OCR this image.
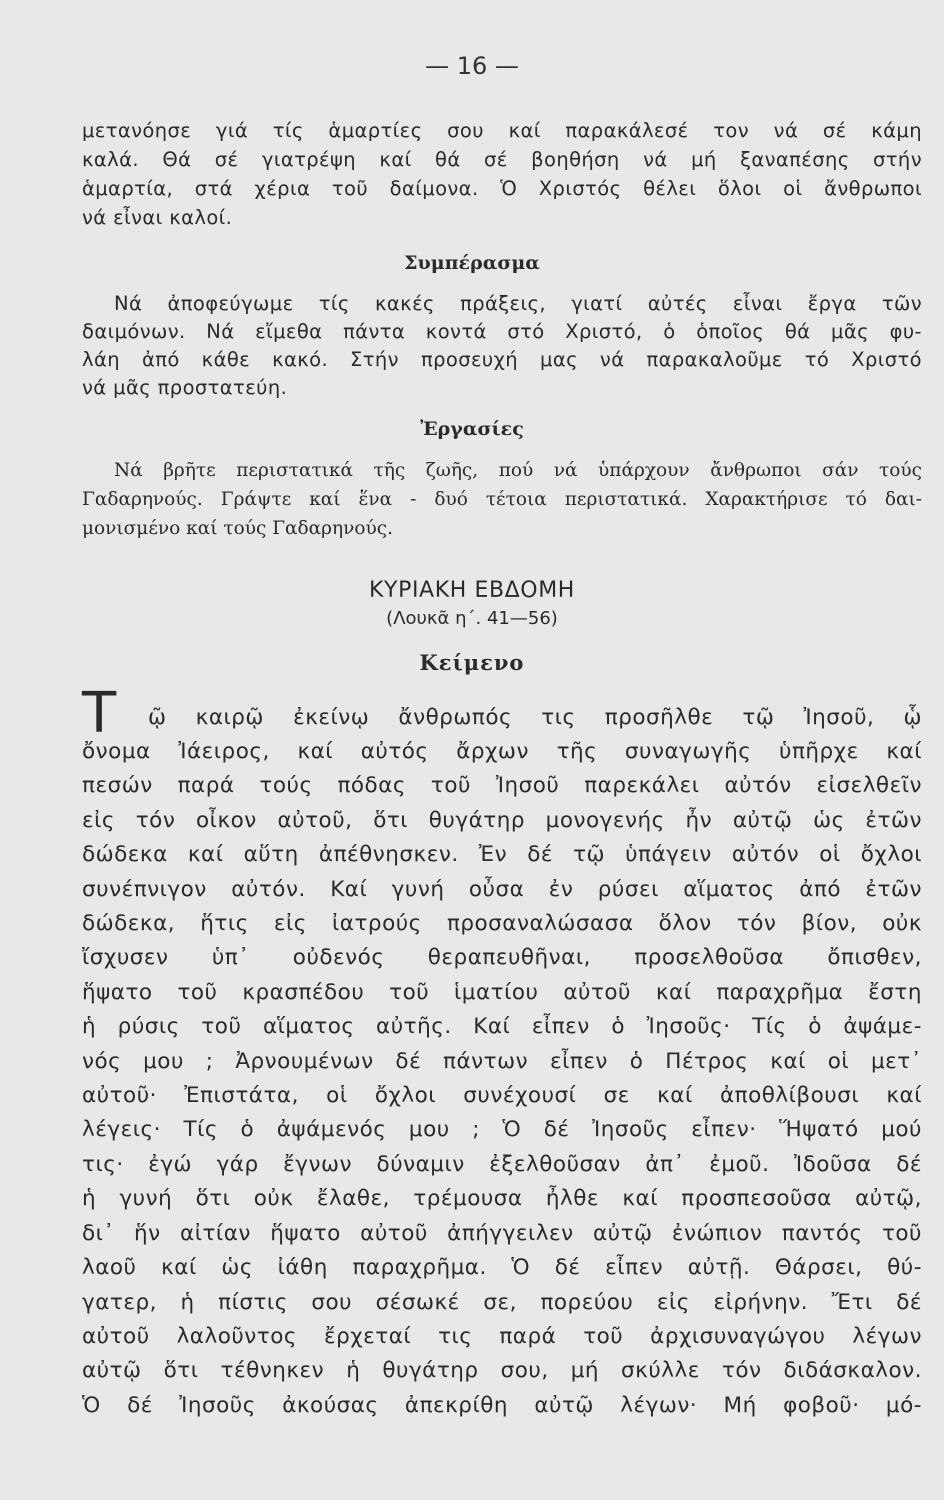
— 16 —
μετανόησε γιά τίς ἁμαρτίες σου καί παρακάλεσέ τον νά σέ κάμη
καλά. Θά σέ γιατρέψη καί θά σέ βοηθήση νά μή ξαναπέσης στήν
ἁμαρτία, στά χέρια τοῦ δαίμονα. Ὁ Χριστός θέλει ὅλοι οἱ ἄνθρωποι
νά εἶναι καλοί.
Συμπέρασμα
Νά ἀποφεύγωμε τίς κακές πράξεις, γιατί αὐτές εἶναι ἔργα τῶν
δαιμόνων. Νά εἴμεθα πάντα κοντά στό Χριστό, ὁ ὁποῖος θά μᾶς φυ-
λάη ἀπό κάθε κακό. Στήν προσευχή μας νά παρακαλοῦμε τό Χριστό
νά μᾶς προστατεύη.
Ἐργασίες
Νά βρῆτε περιστατικά τῆς ζωῆς, πού νά ὑπάρχουν ἄνθρωποι σάν τούς
Γαδαρηνούς. Γράψτε καί ἕνα - δυό τέτοια περιστατικά. Χαρακτήρισε τό δαι-
μονισμένο καί τούς Γαδαρηνούς.
ΚΥΡΙΑΚΗ ΕΒΔΟΜΗ
(Λουκᾶ η΄. 41—56)
Κείμενο
Τ ῷ καιρῷ ἐκείνῳ ἄνθρωπός τις προσῆλθε τῷ Ἰησοῦ, ᾧ
ὄνομα Ἰάειρος, καί αὐτός ἄρχων τῆς συναγωγῆς ὑπῆρχε καί
πεσών παρά τούς πόδας τοῦ Ἰησοῦ παρεκάλει αὐτόν εἰσελθεῖν
εἰς τόν οἶκον αὐτοῦ, ὅτι θυγάτηρ μονογενής ἦν αὐτῷ ὡς ἐτῶν
δώδεκα καί αὕτη ἀπέθνησκεν. Ἐν δέ τῷ ὑπάγειν αὐτόν οἱ ὄχλοι
συνέπνιγον αὐτόν. Καί γυνή οὖσα ἐν ρύσει αἵματος ἀπό ἐτῶν
δώδεκα, ἥτις εἰς ἰατρούς προσαναλώσασα ὅλον τόν βίον, οὐκ
ἴσχυσεν ὑπ᾽ οὐδενός θεραπευθῆναι, προσελθοῦσα ὄπισθεν,
ἥψατο τοῦ κρασπέδου τοῦ ἱματίου αὐτοῦ καί παραχρῆμα ἔστη
ἡ ρύσις τοῦ αἵματος αὐτῆς. Καί εἶπεν ὁ Ἰησοῦς· Τίς ὁ ἀψάμε-
νός μου ; Ἀρνουμένων δέ πάντων εἶπεν ὁ Πέτρος καί οἱ μετ᾽
αὐτοῦ· Ἐπιστάτα, οἱ ὄχλοι συνέχουσί σε καί ἀποθλίβουσι καί
λέγεις· Τίς ὁ ἀψάμενός μου ; Ὁ δέ Ἰησοῦς εἶπεν· Ἥψατό μού
τις· ἐγώ γάρ ἔγνων δύναμιν ἐξελθοῦσαν ἀπ᾽ ἐμοῦ. Ἰδοῦσα δέ
ἡ γυνή ὅτι οὐκ ἔλαθε, τρέμουσα ἦλθε καί προσπεσοῦσα αὐτῷ,
δι᾽ ἥν αἰτίαν ἥψατο αὐτοῦ ἀπήγγειλεν αὐτῷ ἐνώπιον παντός τοῦ
λαοῦ καί ὡς ἰάθη παραχρῆμα. Ὁ δέ εἶπεν αὐτῇ. Θάρσει, θύ-
γατερ, ἡ πίστις σου σέσωκέ σε, πορεύου εἰς εἰρήνην. Ἔτι δέ
αὐτοῦ λαλοῦντος ἔρχεταί τις παρά τοῦ ἀρχισυναγώγου λέγων
αὐτῷ ὅτι τέθνηκεν ἡ θυγάτηρ σου, μή σκύλλε τόν διδάσκαλον.
Ὁ δέ Ἰησοῦς ἀκούσας ἀπεκρίθη αὐτῷ λέγων· Μή φοβοῦ· μό-
